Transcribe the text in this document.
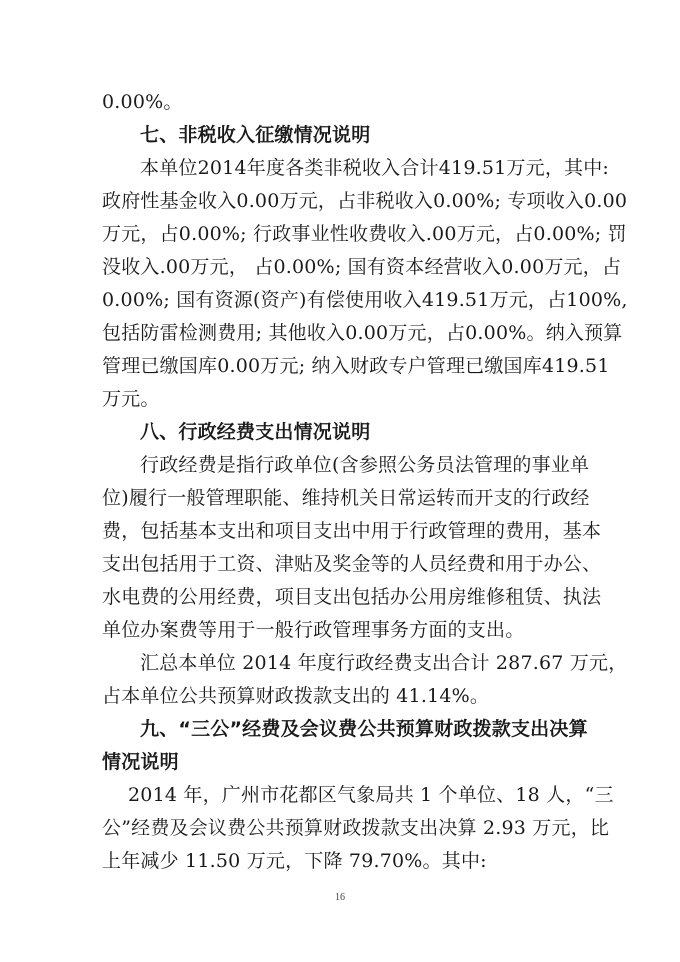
0.00%。
七、非税收入征缴情况说明
本单位2014年度各类非税收入合计419.51万元，其中:
政府性基金收入0.00万元，占非税收入0.00%; 专项收入0.00
万元，占0.00%; 行政事业性收费收入.00万元，占0.00%; 罚
没收入.00万元， 占0.00%; 国有资本经营收入0.00万元，占
0.00%; 国有资源(资产)有偿使用收入419.51万元，占100%,
包括防雷检测费用; 其他收入0.00万元，占0.00%。纳入预算
管理已缴国库0.00万元; 纳入财政专户管理已缴国库419.51
万元。
八、行政经费支出情况说明
行政经费是指行政单位(含参照公务员法管理的事业单
位)履行一般管理职能、维持机关日常运转而开支的行政经
费，包括基本支出和项目支出中用于行政管理的费用，基本
支出包括用于工资、津贴及奖金等的人员经费和用于办公、
水电费的公用经费，项目支出包括办公用房维修租赁、执法
单位办案费等用于一般行政管理事务方面的支出。
汇总本单位 2014 年度行政经费支出合计 287.67 万元，
占本单位公共预算财政拨款支出的 41.14%。
九、“三公”经费及会议费公共预算财政拨款支出决算
情况说明
2014 年，广州市花都区气象局共 1 个单位、18 人，“三
公”经费及会议费公共预算财政拨款支出决算 2.93 万元，比
上年减少 11.50 万元，下降 79.70%。其中:
16
